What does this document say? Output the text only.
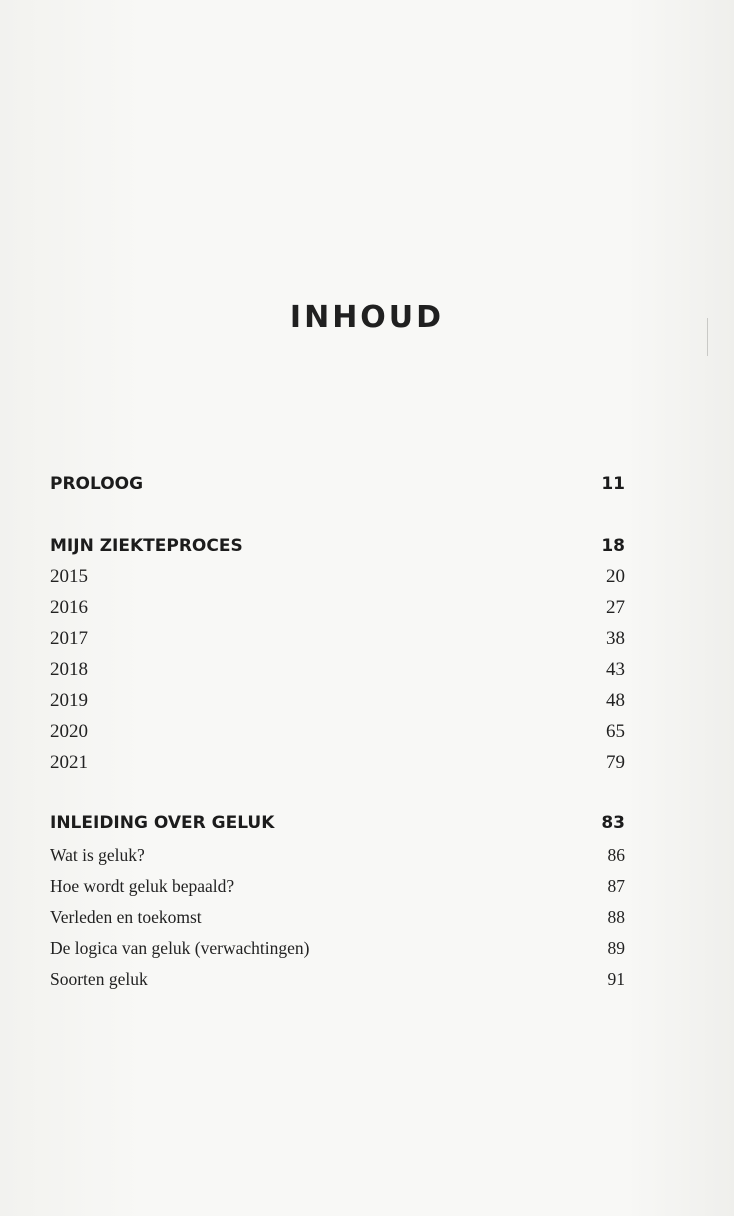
INHOUD
PROLOOG	11
MIJN ZIEKTEPROCES	18
2015	20
2016	27
2017	38
2018	43
2019	48
2020	65
2021	79
INLEIDING OVER GELUK	83
Wat is geluk?	86
Hoe wordt geluk bepaald?	87
Verleden en toekomst	88
De logica van geluk (verwachtingen)	89
Soorten geluk	91
